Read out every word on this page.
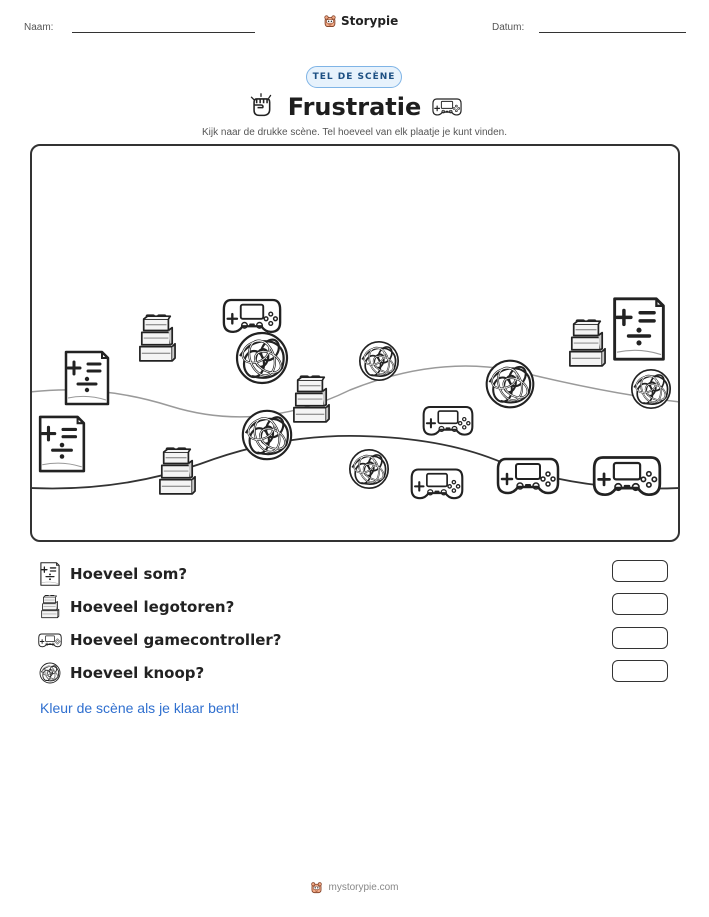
Naam:	Storypie	Datum:
TEL DE SCÈNE
Frustratie
Kijk naar de drukke scène. Tel hoeveel van elk plaatje je kunt vinden.
Hoeveel som?
Hoeveel legotoren?
Hoeveel gamecontroller?
Hoeveel knoop?
Kleur de scène als je klaar bent!
mystorypie.com
